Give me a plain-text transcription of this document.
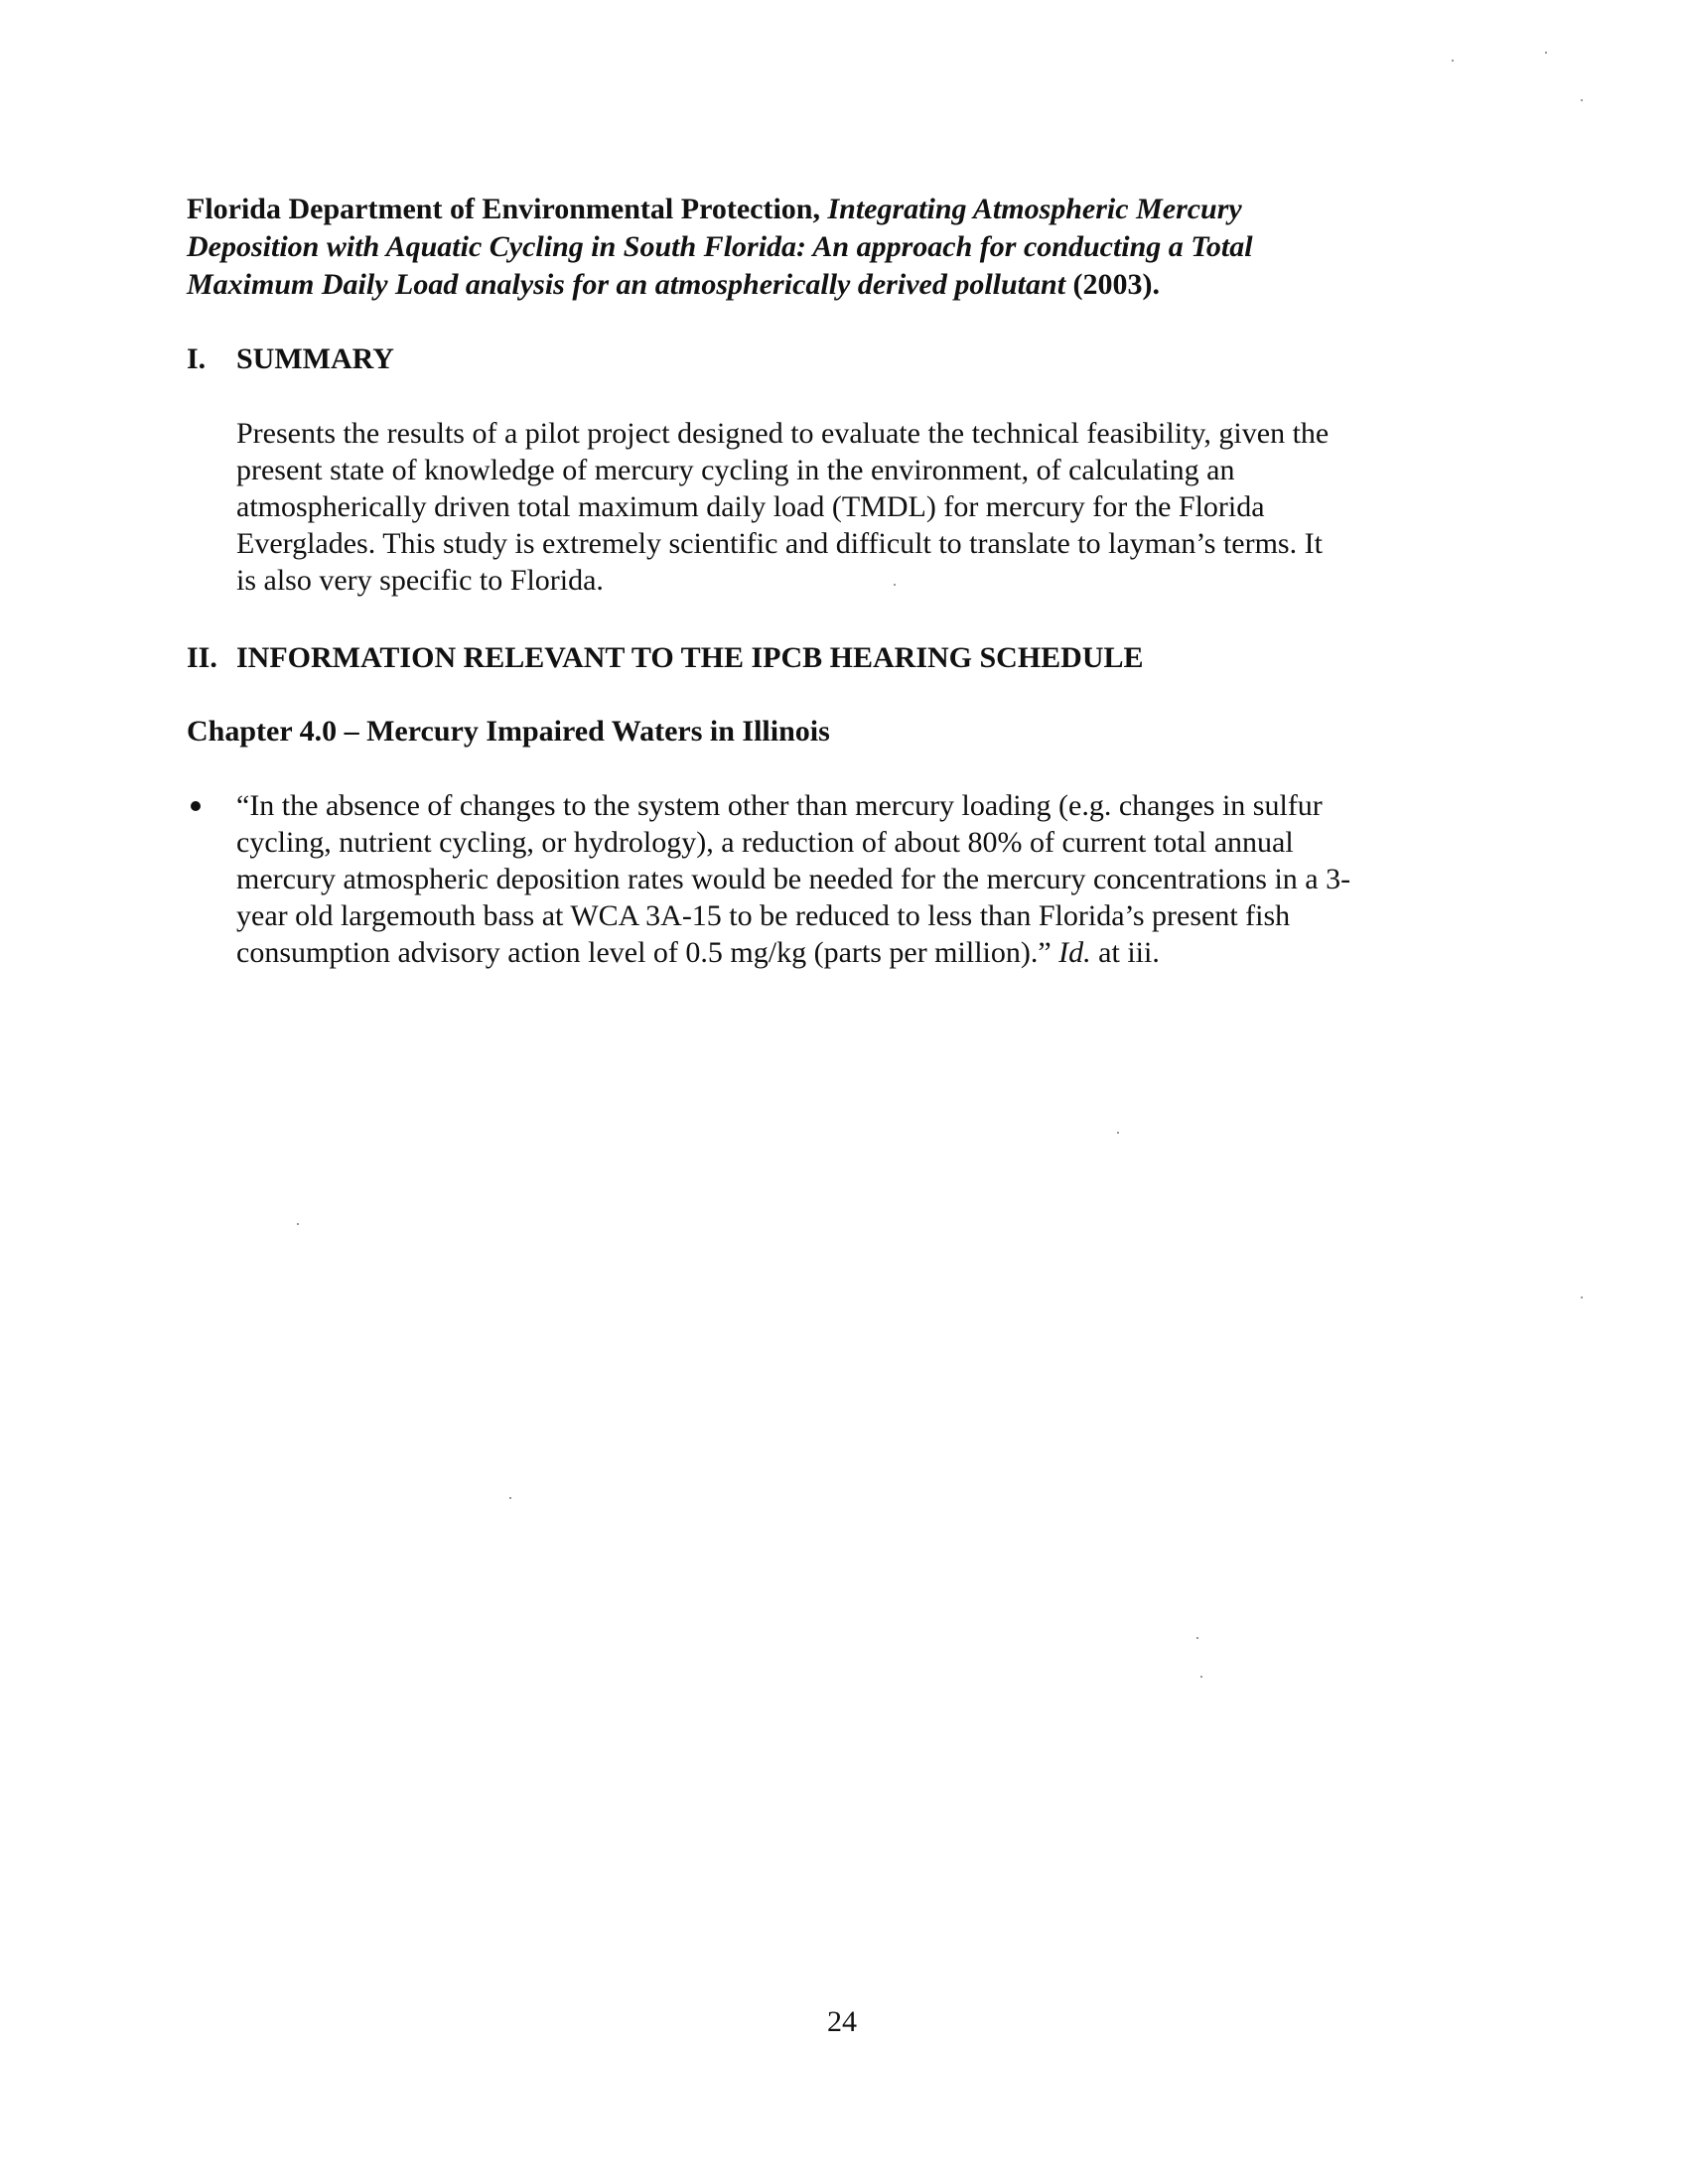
Florida Department of Environmental Protection, Integrating Atmospheric Mercury
Deposition with Aquatic Cycling in South Florida: An approach for conducting a Total
Maximum Daily Load analysis for an atmospherically derived pollutant (2003).
I. SUMMARY
Presents the results of a pilot project designed to evaluate the technical feasibility, given the
present state of knowledge of mercury cycling in the environment, of calculating an
atmospherically driven total maximum daily load (TMDL) for mercury for the Florida
Everglades. This study is extremely scientific and difficult to translate to layman’s terms. It
is also very specific to Florida.
II. INFORMATION RELEVANT TO THE IPCB HEARING SCHEDULE
Chapter 4.0 – Mercury Impaired Waters in Illinois
“In the absence of changes to the system other than mercury loading (e.g. changes in sulfur
cycling, nutrient cycling, or hydrology), a reduction of about 80% of current total annual
mercury atmospheric deposition rates would be needed for the mercury concentrations in a 3-
year old largemouth bass at WCA 3A-15 to be reduced to less than Florida’s present fish
consumption advisory action level of 0.5 mg/kg (parts per million).” Id. at iii.
24
